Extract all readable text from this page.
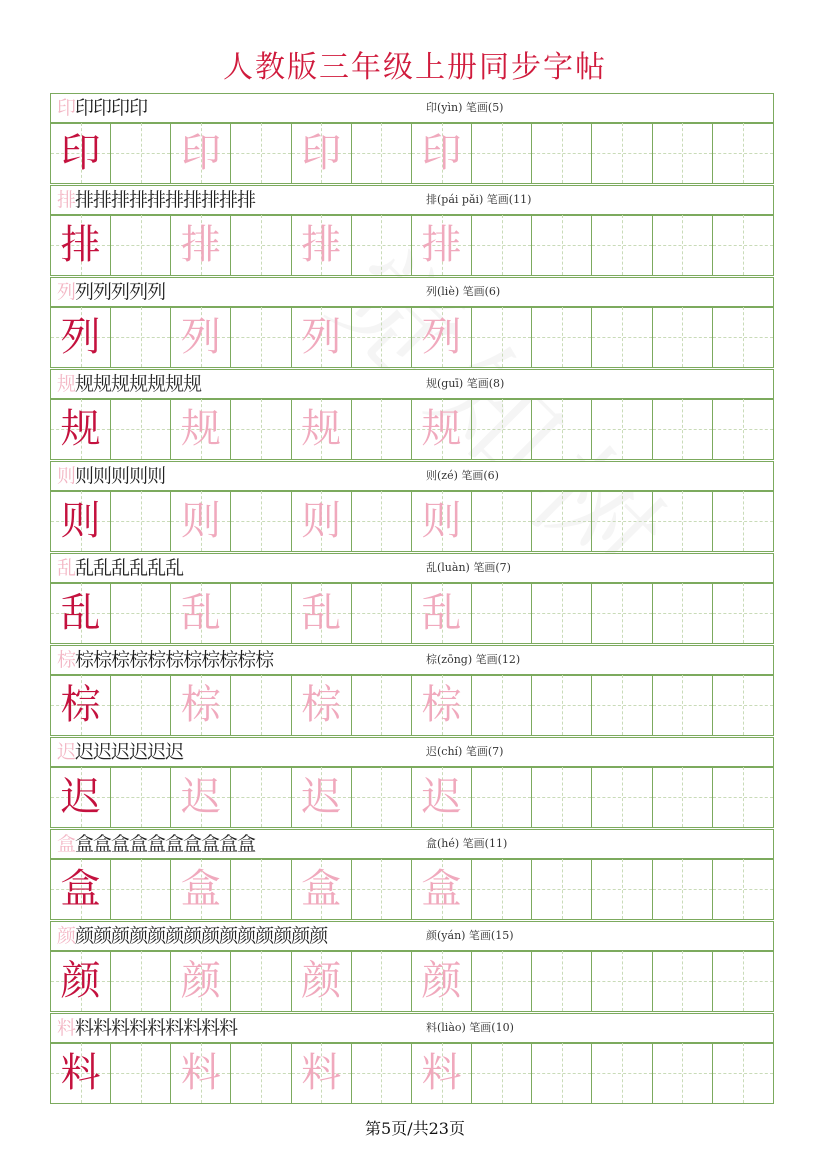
人教版三年级上册同步字帖
印印印印印	印(yìn) 笔画(5)
印 印 印 印
排排排排排排排排排排排	排(pái pǎi) 笔画(11)
排 排 排 排
列列列列列列	列(liè) 笔画(6)
列 列 列 列
规规规规规规规规	规(guī) 笔画(8)
规 规 规 规
则则则则则则	则(zé) 笔画(6)
则 则 则 则
乱乱乱乱乱乱乱	乱(luàn) 笔画(7)
乱 乱 乱 乱
棕棕棕棕棕棕棕棕棕棕棕棕	棕(zōng) 笔画(12)
棕 棕 棕 棕
迟迟迟迟迟迟迟	迟(chí) 笔画(7)
迟 迟 迟 迟
盒盒盒盒盒盒盒盒盒盒盒	盒(hé) 笔画(11)
盒 盒 盒 盒
颜颜颜颜颜颜颜颜颜颜颜颜颜颜颜	颜(yán) 笔画(15)
颜 颜 颜 颜
料料料料料料料料料料	料(liào) 笔画(10)
料 料 料 料
第5页/共23页
